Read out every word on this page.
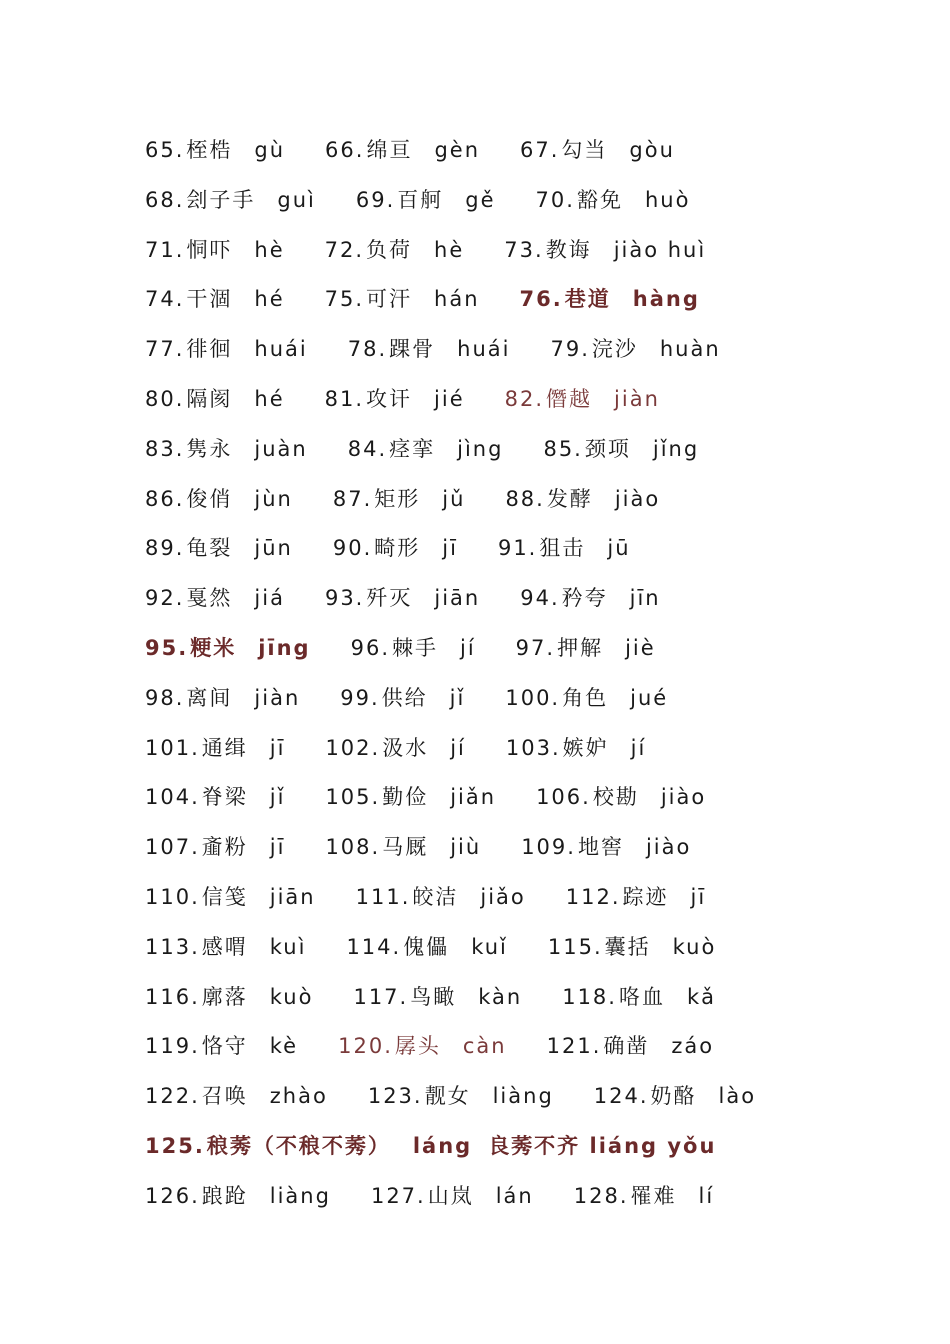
65.桎梏 gù 66.绵亘 gèn 67.勾当 gòu
68.刽子手 guì 69.百舸 gě 70.豁免 huò
71.恫吓 hè 72.负荷 hè 73.教诲 jiào huì
74.干涸 hé 75.可汗 hán 76.巷道 hàng
77.徘徊 huái 78.踝骨 huái 79.浣沙 huàn
80.隔阂 hé 81.攻讦 jié 82.僭越 jiàn
83.隽永 juàn 84.痉挛 jìng 85.颈项 jǐng
86.俊俏 jùn 87.矩形 jǔ 88.发酵 jiào
89.龟裂 jūn 90.畸形 jī 91.狙击 jū
92.戛然 jiá 93.歼灭 jiān 94.矜夸 jīn
95.粳米 jīng 96.棘手 jí 97.押解 jiè
98.离间 jiàn 99.供给 jǐ 100.角色 jué
101.通缉 jī 102.汲水 jí 103.嫉妒 jí
104.脊梁 jǐ 105.勤俭 jiǎn 106.校勘 jiào
107.齑粉 jī 108.马厩 jiù 109.地窖 jiào
110.信笺 jiān 111.皎洁 jiǎo 112.踪迹 jī
113.感喟 kuì 114.傀儡 kuǐ 115.囊括 kuò
116.廓落 kuò 117.鸟瞰 kàn 118.咯血 kǎ
119.恪守 kè 120.孱头 càn 121.确凿 záo
122.召唤 zhào 123.靓女 liàng 124.奶酪 lào
125.稂莠（不稂不莠） láng 良莠不齐 liáng yǒu
126.踉跄 liàng 127.山岚 lán 128.罹难 lí
